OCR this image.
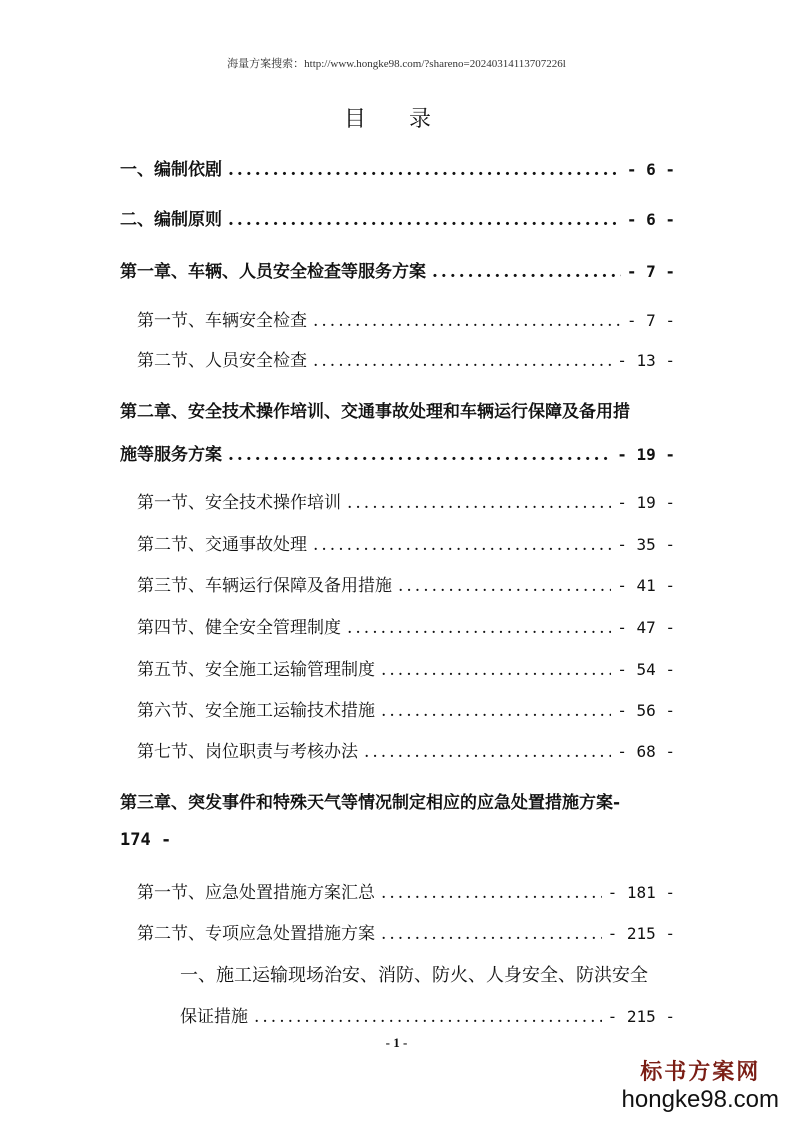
海量方案搜索：http://www.hongke98.com/?shareno=20240314113707226l
目 录
一、编制依剧 .....	- 6 -
二、编制原则 .....	- 6 -
第一章、车辆、人员安全检查等服务方案 .....	- 7 -
第一节、车辆安全检查 .....	- 7 -
第二节、人员安全检查 .....	- 13 -
第二章、安全技术操作培训、交通事故处理和车辆运行保障及备用措
施等服务方案 .....	- 19 -
第一节、安全技术操作培训 .....	- 19 -
第二节、交通事故处理 .....	- 35 -
第三节、车辆运行保障及备用措施 .....	- 41 -
第四节、健全安全管理制度 .....	- 47 -
第五节、安全施工运输管理制度 .....	- 54 -
第六节、安全施工运输技术措施 .....	- 56 -
第七节、岗位职责与考核办法 .....	- 68 -
第三章、突发事件和特殊天气等情况制定相应的应急处置措施方案-
174 -
第一节、应急处置措施方案汇总 .....	- 181 -
第二节、专项应急处置措施方案 .....	- 215 -
一、施工运输现场治安、消防、防火、人身安全、防洪安全
保证措施 .....	- 215 -
- 1 -
标书方案网
hongke98.com
